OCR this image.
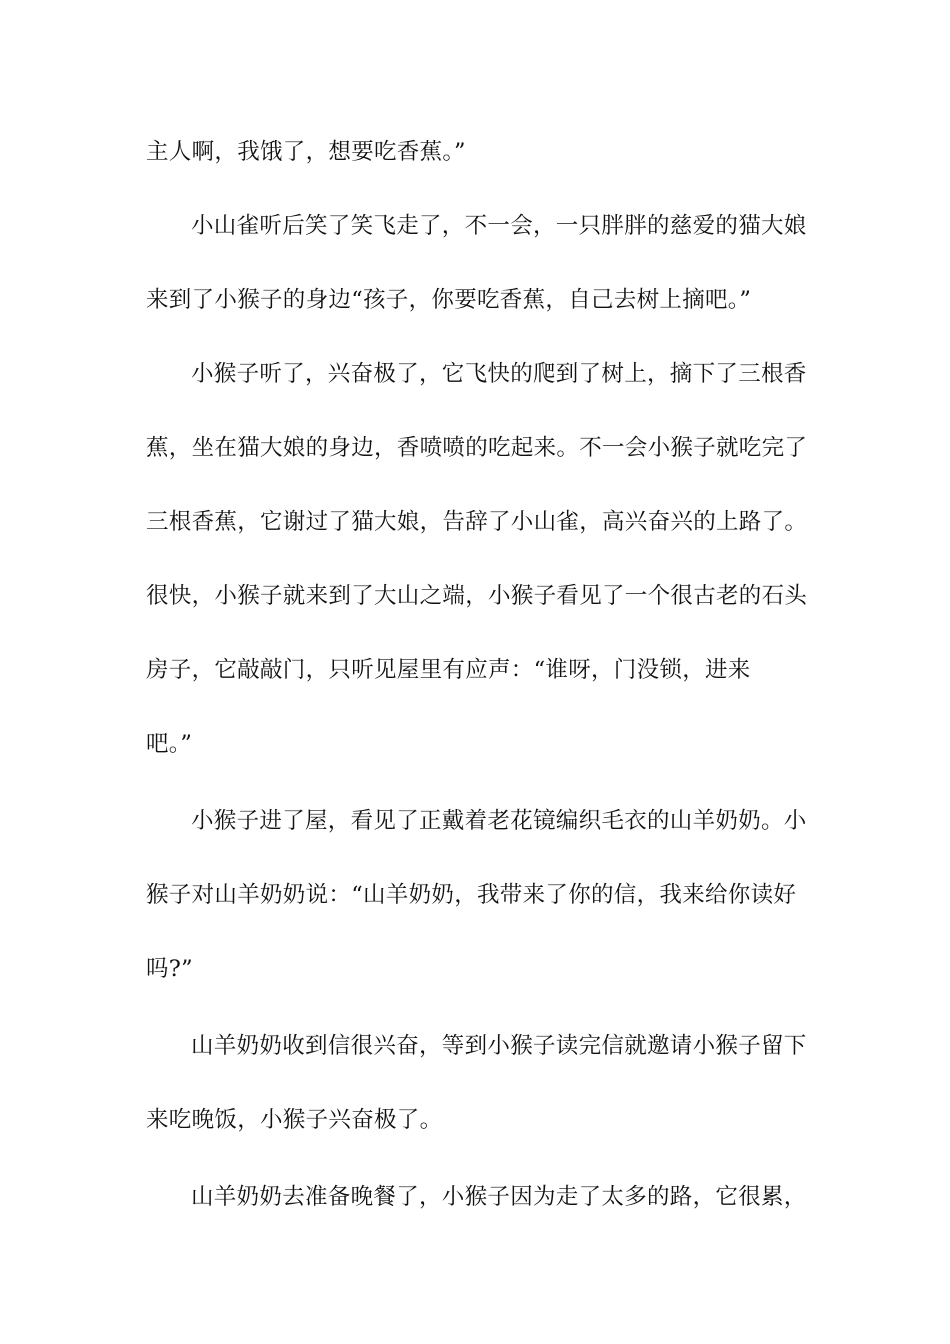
主人啊，我饿了，想要吃香蕉。”
小山雀听后笑了笑飞走了，不一会，一只胖胖的慈爱的猫大娘
来到了小猴子的身边“孩子，你要吃香蕉，自己去树上摘吧。”
小猴子听了，兴奋极了，它飞快的爬到了树上，摘下了三根香
蕉，坐在猫大娘的身边，香喷喷的吃起来。不一会小猴子就吃完了
三根香蕉，它谢过了猫大娘，告辞了小山雀，高兴奋兴的上路了。
很快，小猴子就来到了大山之端，小猴子看见了一个很古老的石头
房子，它敲敲门，只听见屋里有应声：“谁呀，门没锁，进来
吧。”
小猴子进了屋，看见了正戴着老花镜编织毛衣的山羊奶奶。小
猴子对山羊奶奶说：“山羊奶奶，我带来了你的信，我来给你读好
吗?”
山羊奶奶收到信很兴奋，等到小猴子读完信就邀请小猴子留下
来吃晚饭，小猴子兴奋极了。
山羊奶奶去准备晚餐了，小猴子因为走了太多的路，它很累，
